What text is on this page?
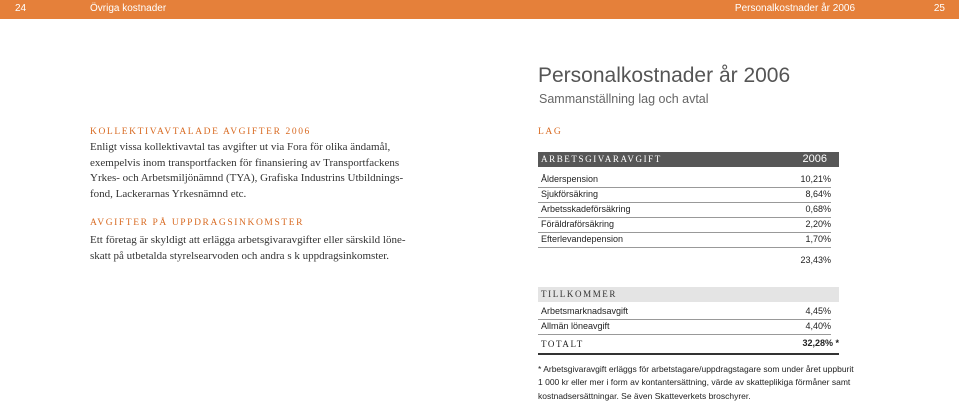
24	Övriga kostnader	Personalkostnader år 2006	25
Personalkostnader år 2006
Sammanställning lag och avtal
KOLLEKTIVAVTALADE AVGIFTER 2006

Enligt vissa kollektivavtal tas avgifter ut via Fora för olika ändamål,
exempelvis inom transportfacken för finansiering av Transportfackens
Yrkes- och Arbetsmiljönämnd (TYA), Grafiska Industrins Utbildnings-
fond, Lackerarnas Yrkesnämnd etc.

AVGIFTER PÅ UPPDRAGSINKOMSTER

Ett företag är skyldigt att erlägga arbetsgivaravgifter eller särskild löne-
skatt på utbetalda styrelsearvoden och andra s k uppdragsinkomster.

LAG
ARBETSGIVARAVGIFT	2006
Ålderspension	10,21%
Sjukförsäkring	8,64%
Arbetsskadeförsäkring	0,68%
Föräldraförsäkring	2,20%
Efterlevandepension	1,70%
23,43%
TILLKOMMER
Arbetsmarknadsavgift	4,45%
Allmän löneavgift	4,40%
TOTALT	32,28% *

* Arbetsgivaravgift erläggs för arbetstagare/uppdragstagare som under året uppburit
1 000 kr eller mer i form av kontantersättning, värde av skatteplikiga förmåner samt
kostnadsersättningar. Se även Skatteverkets broschyrer.
